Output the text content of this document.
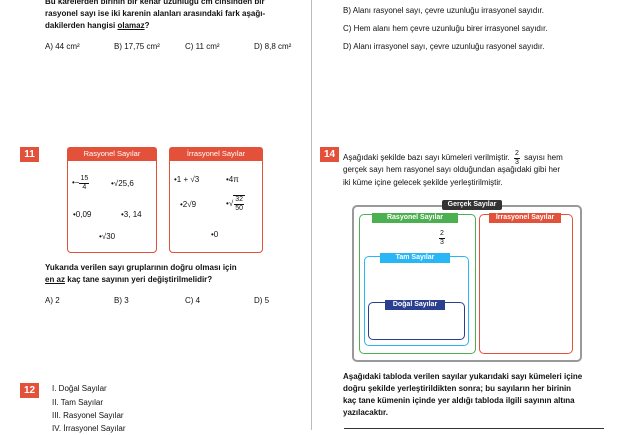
Bu karelerden birinin bir kenar uzunluğu cm cinsinden bir
rasyonel sayı ise iki karenin alanları arasındaki fark aşağı-
dakilerden hangisi olamaz?
A) 44 cm²	B) 17,75 cm²	C) 11 cm²	D) 8,8 cm²
11	Rasyonel Sayılar
•− $\frac{15}{4}$	•√25,6
•0,09	•3, 14
•√30
İrrasyonel Sayılar
•1 + √3	•4π
•2√9	•√ $\frac{32}{50}$
•0
Yukarıda verilen sayı gruplarının doğru olması için
en az kaç tane sayının yeri değiştirilmelidir?
A) 2	B) 3	C) 4	D) 5
12	I. Doğal Sayılar
II. Tam Sayılar
III. Rasyonel Sayılar
IV. İrrasyonel Sayılar
B) Alanı rasyonel sayı, çevre uzunluğu irrasyonel sayıdır.
C) Hem alanı hem çevre uzunluğu birer irrasyonel sayıdır.
D) Alanı irrasyonel sayı, çevre uzunluğu rasyonel sayıdır.
14 Aşağıdaki şekilde bazı sayı kümeleri verilmiştir. $\frac{2}{3}$ sayısı hem
gerçek sayı hem rasyonel sayı olduğundan aşağıdaki gibi her
iki küme içine gelecek şekilde yerleştirilmiştir.
Gerçek Sayılar
Rasyonel Sayılar	İrrasyonel Sayılar
$\frac{2}{3}$
Tam Sayılar
Doğal Sayılar
Aşağıdaki tabloda verilen sayılar yukarıdaki sayı kümeleri içine
doğru şekilde yerleştirildikten sonra; bu sayıların her birinin
kaç tane kümenin içinde yer aldığı tabloda ilgili sayının altına
yazılacaktır.
